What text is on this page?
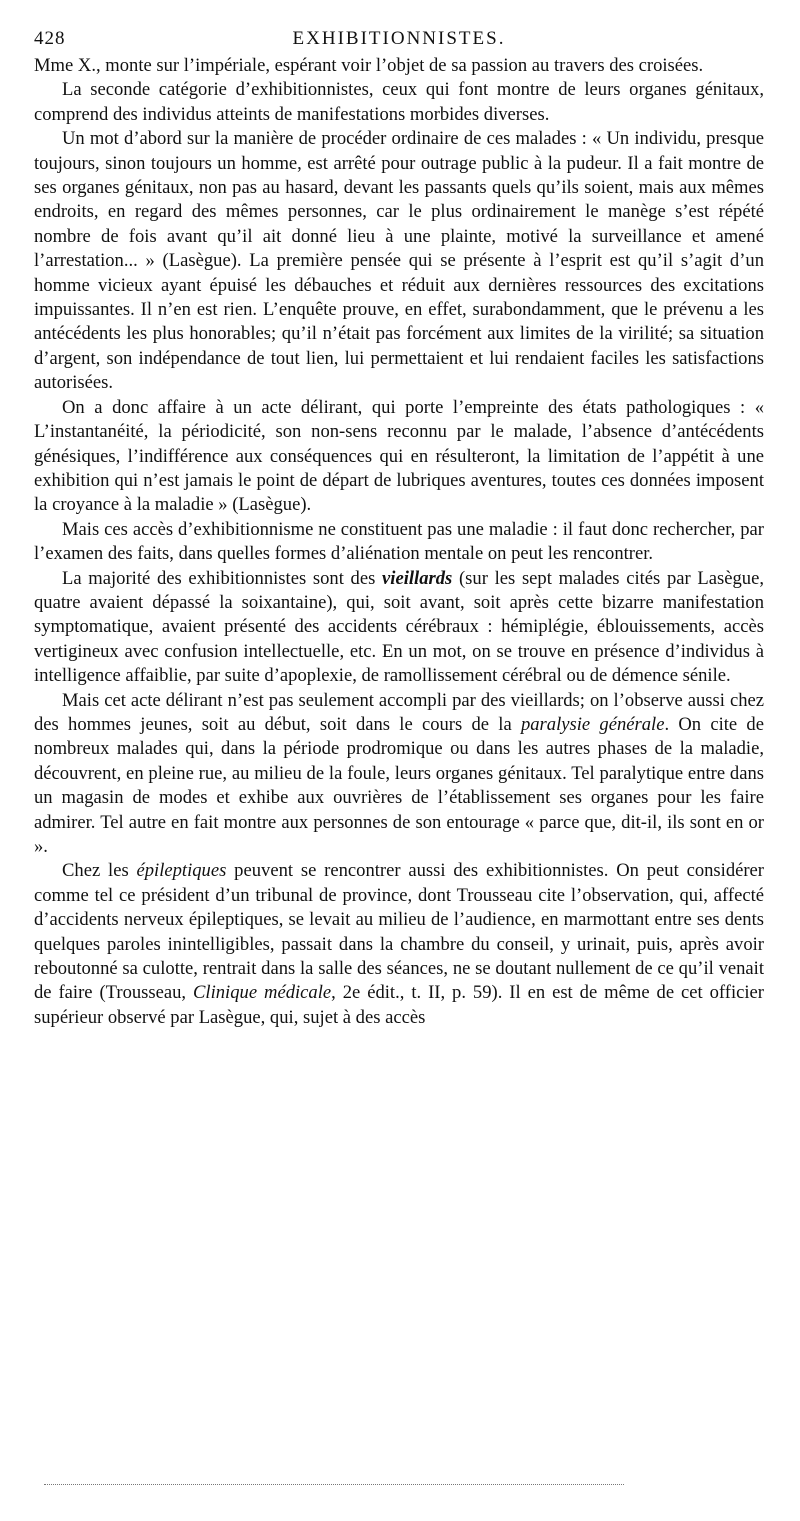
428	EXHIBITIONNISTES.

Mme X., monte sur l’impériale, espérant voir l’objet de sa passion au travers des croisées.

La seconde catégorie d’exhibitionnistes, ceux qui font montre de leurs organes génitaux, comprend des individus atteints de manifestations morbides diverses.

Un mot d’abord sur la manière de procéder ordinaire de ces malades : « Un individu, presque toujours, sinon toujours un homme, est arrêté pour outrage public à la pudeur. Il a fait montre de ses organes génitaux, non pas au hasard, devant les passants quels qu’ils soient, mais aux mêmes endroits, en regard des mêmes personnes, car le plus ordinairement le manège s’est répété nombre de fois avant qu’il ait donné lieu à une plainte, motivé la surveillance et amené l’arrestation... » (Lasègue). La première pensée qui se présente à l’esprit est qu’il s’agit d’un homme vicieux ayant épuisé les débauches et réduit aux dernières ressources des excitations impuissantes. Il n’en est rien. L’enquête prouve, en effet, surabondamment, que le prévenu a les antécédents les plus honorables; qu’il n’était pas forcément aux limites de la virilité; sa situation d’argent, son indépendance de tout lien, lui permettaient et lui rendaient faciles les satisfactions autorisées.

On a donc affaire à un acte délirant, qui porte l’empreinte des états pathologiques : « L’instantanéité, la périodicité, son non-sens reconnu par le malade, l’absence d’antécédents génésiques, l’indifférence aux conséquences qui en résulteront, la limitation de l’appétit à une exhibition qui n’est jamais le point de départ de lubriques aventures, toutes ces données imposent la croyance à la maladie » (Lasègue).

Mais ces accès d’exhibitionnisme ne constituent pas une maladie : il faut donc rechercher, par l’examen des faits, dans quelles formes d’aliénation mentale on peut les rencontrer.

La majorité des exhibitionnistes sont des vieillards (sur les sept malades cités par Lasègue, quatre avaient dépassé la soixantaine), qui, soit avant, soit après cette bizarre manifestation symptomatique, avaient présenté des accidents cérébraux : hémiplégie, éblouissements, accès vertigineux avec confusion intellectuelle, etc. En un mot, on se trouve en présence d’individus à intelligence affaiblie, par suite d’apoplexie, de ramollissement cérébral ou de démence sénile.

Mais cet acte délirant n’est pas seulement accompli par des vieillards; on l’observe aussi chez des hommes jeunes, soit au début, soit dans le cours de la paralysie générale. On cite de nombreux malades qui, dans la période prodromique ou dans les autres phases de la maladie, découvrent, en pleine rue, au milieu de la foule, leurs organes génitaux. Tel paralytique entre dans un magasin de modes et exhibe aux ouvrières de l’établissement ses organes pour les faire admirer. Tel autre en fait montre aux personnes de son entourage « parce que, dit-il, ils sont en or ».

Chez les épileptiques peuvent se rencontrer aussi des exhibitionnistes. On peut considérer comme tel ce président d’un tribunal de province, dont Trousseau cite l’observation, qui, affecté d’accidents nerveux épileptiques, se levait au milieu de l’audience, en marmottant entre ses dents quelques paroles inintelligibles, passait dans la chambre du conseil, y urinait, puis, après avoir reboutonné sa culotte, rentrait dans la salle des séances, ne se doutant nullement de ce qu’il venait de faire (Trousseau, Clinique médicale, 2e édit., t. II, p. 59). Il en est de même de cet officier supérieur observé par Lasègue, qui, sujet à des accès
